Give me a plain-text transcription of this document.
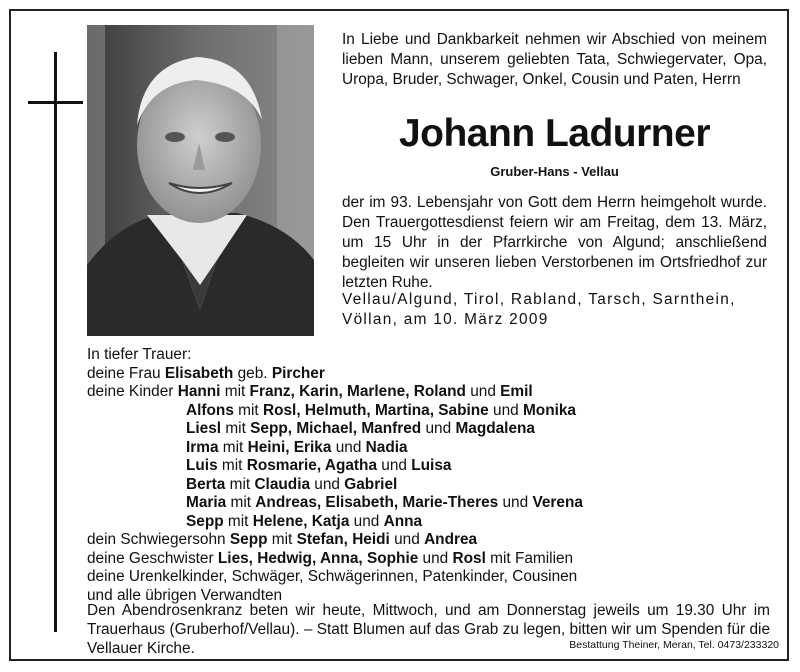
In Liebe und Dankbarkeit nehmen wir Abschied von meinem lieben Mann, unserem geliebten Tata, Schwiegervater, Opa, Uropa, Bruder, Schwager, Onkel, Cousin und Paten, Herrn
Johann Ladurner
Gruber-Hans - Vellau
der im 93. Lebensjahr von Gott dem Herrn heimgeholt wurde. Den Trauergottesdienst feiern wir am Freitag, dem 13. März, um 15 Uhr in der Pfarrkirche von Algund; anschließend begleiten wir unseren lieben Verstorbenen im Ortsfriedhof zur letzten Ruhe.
Vellau/Algund, Tirol, Rabland, Tarsch, Sarnthein, Völlan, am 10. März 2009
In tiefer Trauer:
deine Frau Elisabeth geb. Pircher
deine Kinder Hanni mit Franz, Karin, Marlene, Roland und Emil
Alfons mit Rosl, Helmuth, Martina, Sabine und Monika
Liesl mit Sepp, Michael, Manfred und Magdalena
Irma mit Heini, Erika und Nadia
Luis mit Rosmarie, Agatha und Luisa
Berta mit Claudia und Gabriel
Maria mit Andreas, Elisabeth, Marie-Theres und Verena
Sepp mit Helene, Katja und Anna
dein Schwiegersohn Sepp mit Stefan, Heidi und Andrea
deine Geschwister Lies, Hedwig, Anna, Sophie und Rosl mit Familien
deine Urenkelkinder, Schwäger, Schwägerinnen, Patenkinder, Cousinen
und alle übrigen Verwandten
Den Abendrosenkranz beten wir heute, Mittwoch, und am Donnerstag jeweils um 19.30 Uhr im Trauerhaus (Gruberhof/Vellau). – Statt Blumen auf das Grab zu legen, bitten wir um Spenden für die Vellauer Kirche.	Bestattung Theiner, Meran, Tel. 0473/233320
